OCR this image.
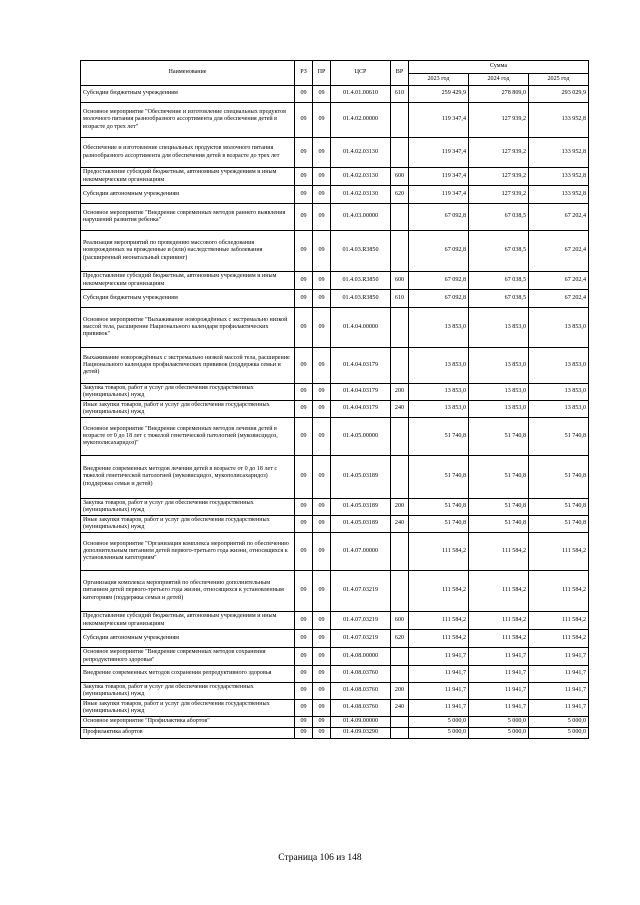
Наименование	РЗ	ПР	ЦСР	ВР	Сумма		
					2023 год	2024 год	2025 год
Субсидии бюджетным учреждениям	09	09	01.4.01.00610	610	259 429,9	278 809,0	293 029,9
Основное мероприятие "Обеспечение и изготовление специальных продуктов молочного питания разнообразного ассортимента для обеспечения детей в возрасте до трех лет"	09	09	01.4.02.00000		119 347,4	127 939,2	133 952,8
Обеспечение и изготовление специальных продуктов молочного питания разнообразного ассортимента для обеспечения детей в возрасте до трех лет	09	09	01.4.02.03130		119 347,4	127 939,2	133 952,8
Предоставление субсидий бюджетным, автономным учреждениям и иным некоммерческим организациям	09	09	01.4.02.03130	600	119 347,4	127 939,2	133 952,8
Субсидии автономным учреждениям	09	09	01.4.02.03130	620	119 347,4	127 939,2	133 952,8
Основное мероприятие "Внедрение современных методов раннего выявления нарушений развития ребенка"	09	09	01.4.03.00000		67 092,8	67 038,5	67 202,4
Реализация мероприятий по проведению массового обследования новорожденных на врожденные и (или) наследственные заболевания (расширенный неонатальный скрининг)	09	09	01.4.03.R3850		67 092,8	67 038,5	67 202,4
Предоставление субсидий бюджетным, автономным учреждениям и иным некоммерческим организациям	09	09	01.4.03.R3850	600	67 092,8	67 038,5	67 202,4
Субсидии бюджетным учреждениям	09	09	01.4.03.R3850	610	67 092,8	67 038,5	67 202,4
Основное мероприятие "Выхаживание новорождённых с экстремально низкой массой тела, расширение Национального календаря профилактических прививок"	09	09	01.4.04.00000		13 853,0	13 853,0	13 853,0
Выхаживание новорождённых с экстремально низкой массой тела, расширение Национального календаря профилактических прививок (поддержка семьи и детей)	09	09	01.4.04.03179		13 853,0	13 853,0	13 853,0
Закупка товаров, работ и услуг для обеспечения государственных (муниципальных) нужд	09	09	01.4.04.03179	200	13 853,0	13 853,0	13 853,0
Иные закупки товаров, работ и услуг для обеспечения государственных (муниципальных) нужд	09	09	01.4.04.03179	240	13 853,0	13 853,0	13 853,0
Основное мероприятие "Внедрение современных методов лечения детей в возрасте от 0 до 18 лет с тяжелой генетической патологией (муковисцидоз, мукополисахаридоз)"	09	09	01.4.05.00000		51 740,8	51 740,8	51 740,8
Внедрение современных методов лечения детей в возрасте от 0 до 18 лет с тяжелой генетической патологией (муковисцидоз, мукополисахаридоз) (поддержка семьи и детей)	09	09	01.4.05.03189		51 740,8	51 740,8	51 740,8
Закупка товаров, работ и услуг для обеспечения государственных (муниципальных) нужд	09	09	01.4.05.03189	200	51 740,8	51 740,8	51 740,8
Иные закупки товаров, работ и услуг для обеспечения государственных (муниципальных) нужд	09	09	01.4.05.03189	240	51 740,8	51 740,8	51 740,8
Основное мероприятие "Организация комплекса мероприятий по обеспечению дополнительным питанием детей первого-третьего года жизни, относящихся к установленным категориям"	09	09	01.4.07.00000		111 584,2	111 584,2	111 584,2
Организация комплекса мероприятий по обеспечению дополнительным питанием детей первого-третьего года жизни, относящихся к установленным категориям (поддержка семьи и детей)	09	09	01.4.07.03219		111 584,2	111 584,2	111 584,2
Предоставление субсидий бюджетным, автономным учреждениям и иным некоммерческим организациям	09	09	01.4.07.03219	600	111 584,2	111 584,2	111 584,2
Субсидии автономным учреждениям	09	09	01.4.07.03219	620	111 584,2	111 584,2	111 584,2
Основное мероприятие "Внедрение современных методов сохранения репродуктивного здоровья"	09	09	01.4.08.00000		11 941,7	11 941,7	11 941,7
Внедрение современных методов сохранения репродуктивного здоровья	09	09	01.4.08.03760		11 941,7	11 941,7	11 941,7
Закупка товаров, работ и услуг для обеспечения государственных (муниципальных) нужд	09	09	01.4.08.03760	200	11 941,7	11 941,7	11 941,7
Иные закупки товаров, работ и услуг для обеспечения государственных (муниципальных) нужд	09	09	01.4.08.03760	240	11 941,7	11 941,7	11 941,7
Основное мероприятие "Профилактика абортов"	09	09	01.4.09.00000		5 000,0	5 000,0	5 000,0
Профилактика абортов	09	09	01.4.09.03290		5 000,0	5 000,0	5 000,0
Страница 106 из 148
